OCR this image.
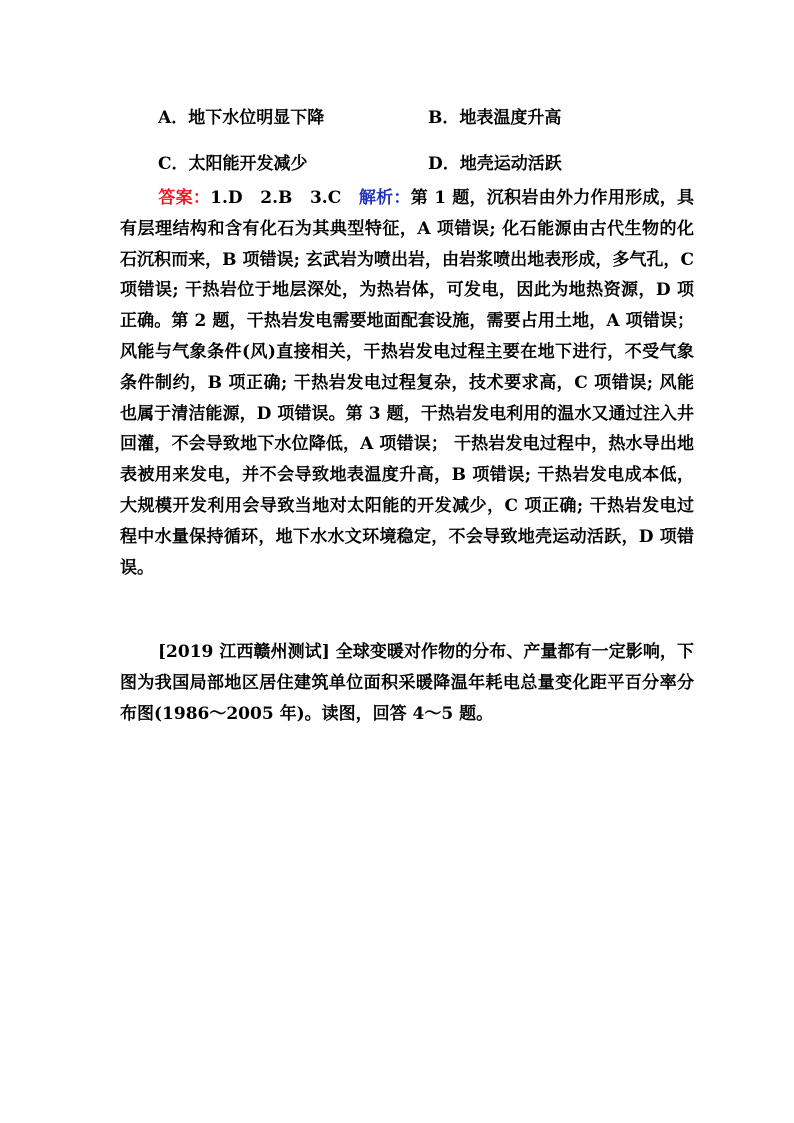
A．地下水位明显下降	B．地表温度升高
C．太阳能开发减少	D．地壳运动活跃

答案：1.D　2.B　3.C　 解析：第 1 题，沉积岩由外力作用形成，具有层理结构和含有化石为其典型特征，A 项错误; 化石能源由古代生物的化石沉积而来，B 项错误; 玄武岩为喷出岩，由岩浆喷出地表形成，多气孔，C 项错误; 干热岩位于地层深处，为热岩体，可发电，因此为地热资源，D 项正确。第 2 题，干热岩发电需要地面配套设施，需要占用土地，A 项错误； 风能与气象条件(风)直接相关，干热岩发电过程主要在地下进行，不受气象条件制约，B 项正确; 干热岩发电过程复杂，技术要求高，C 项错误; 风能也属于清洁能源，D 项错误。第 3 题，干热岩发电利用的温水又通过注入井回灌，不会导致地下水位降低，A 项错误； 干热岩发电过程中，热水导出地表被用来发电，并不会导致地表温度升高，B 项错误; 干热岩发电成本低，大规模开发利用会导致当地对太阳能的开发减少，C 项正确; 干热岩发电过程中水量保持循环，地下水水文环境稳定，不会导致地壳运动活跃，D 项错误。

[2019 江西赣州测试] 全球变暖对作物的分布、产量都有一定影响，下图为我国局部地区居住建筑单位面积采暖降温年耗电总量变化距平百分率分布图(1986～2005 年)。读图，回答 4～5 题。
